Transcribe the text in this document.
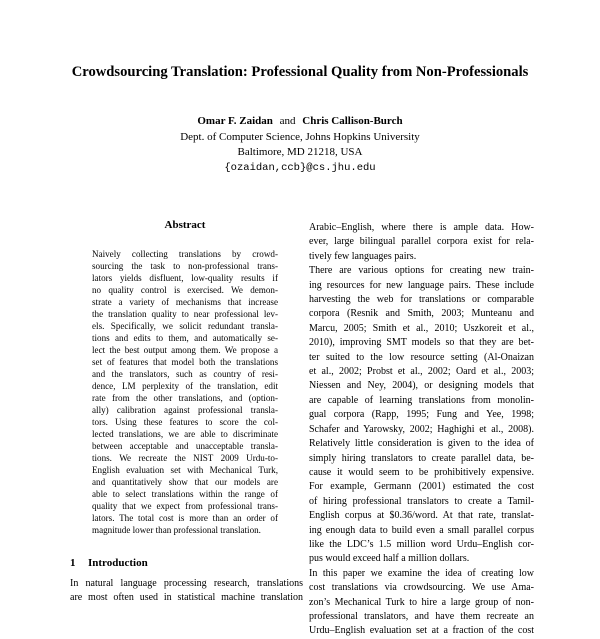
Crowdsourcing Translation: Professional Quality from Non-Professionals
Omar F. Zaidan and Chris Callison-Burch
Dept. of Computer Science, Johns Hopkins University
Baltimore, MD 21218, USA
{ozaidan,ccb}@cs.jhu.edu
Abstract
Naively collecting translations by crowd-
sourcing the task to non-professional trans-
lators yields disfluent, low-quality results if
no quality control is exercised. We demon-
strate a variety of mechanisms that increase
the translation quality to near professional lev-
els. Specifically, we solicit redundant transla-
tions and edits to them, and automatically se-
lect the best output among them. We propose a
set of features that model both the translations
and the translators, such as country of resi-
dence, LM perplexity of the translation, edit
rate from the other translations, and (option-
ally) calibration against professional transla-
tors. Using these features to score the col-
lected translations, we are able to discriminate
between acceptable and unacceptable transla-
tions. We recreate the NIST 2009 Urdu-to-
English evaluation set with Mechanical Turk,
and quantitatively show that our models are
able to select translations within the range of
quality that we expect from professional trans-
lators. The total cost is more than an order of
magnitude lower than professional translation.
1 Introduction
In natural language processing research, translations
are most often used in statistical machine translation
Arabic–English, where there is ample data. How-
ever, large bilingual parallel corpora exist for rela-
tively few languages pairs.
There are various options for creating new train-
ing resources for new language pairs. These include
harvesting the web for translations or comparable
corpora (Resnik and Smith, 2003; Munteanu and
Marcu, 2005; Smith et al., 2010; Uszkoreit et al.,
2010), improving SMT models so that they are bet-
ter suited to the low resource setting (Al-Onaizan
et al., 2002; Probst et al., 2002; Oard et al., 2003;
Niessen and Ney, 2004), or designing models that
are capable of learning translations from monolin-
gual corpora (Rapp, 1995; Fung and Yee, 1998;
Schafer and Yarowsky, 2002; Haghighi et al., 2008).
Relatively little consideration is given to the idea of
simply hiring translators to create parallel data, be-
cause it would seem to be prohibitively expensive.
For example, Germann (2001) estimated the cost
of hiring professional translators to create a Tamil-
English corpus at $0.36/word. At that rate, translat-
ing enough data to build even a small parallel corpus
like the LDC’s 1.5 million word Urdu–English cor-
pus would exceed half a million dollars.
In this paper we examine the idea of creating low
cost translations via crowdsourcing. We use Ama-
zon’s Mechanical Turk to hire a large group of non-
professional translators, and have them recreate an
Urdu–English evaluation set at a fraction of the cost
